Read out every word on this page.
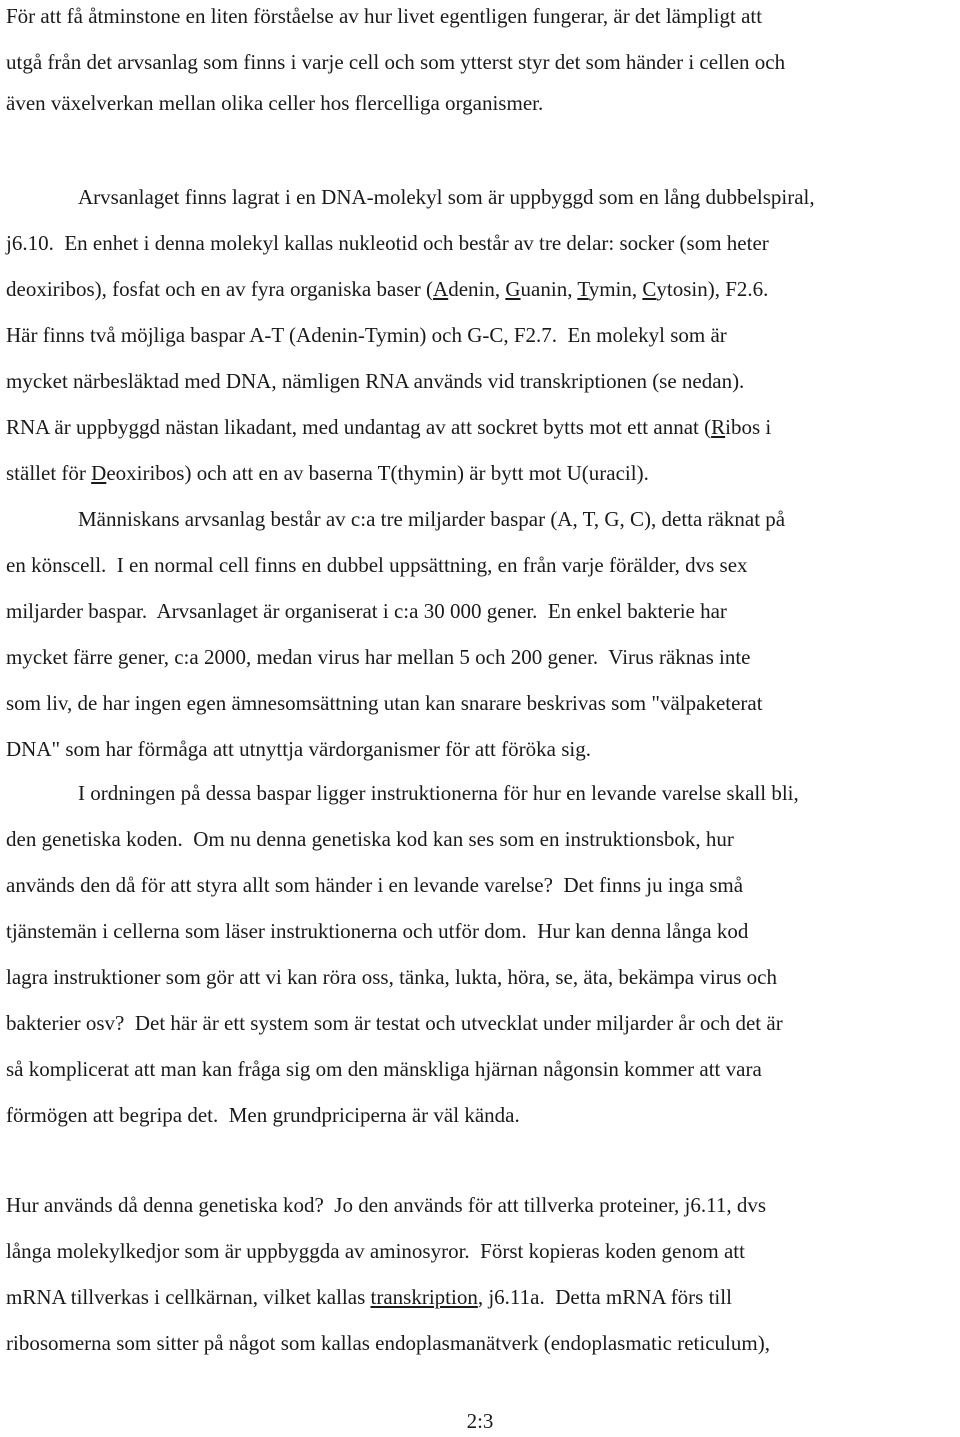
För att få åtminstone en liten förståelse av hur livet egentligen fungerar, är det lämpligt att
utgå från det arvsanlag som finns i varje cell och som ytterst styr det som händer i cellen och
även växelverkan mellan olika celler hos flercelliga organismer.
Arvsanlaget finns lagrat i en DNA-molekyl som är uppbyggd som en lång dubbelspiral,
j6.10.  En enhet i denna molekyl kallas nukleotid och består av tre delar: socker (som heter
deoxiribos), fosfat och en av fyra organiska baser (Adenin, Guanin, Tymin, Cytosin), F2.6.
Här finns två möjliga baspar A-T (Adenin-Tymin) och G-C, F2.7.  En molekyl som är
mycket närbesläktad med DNA, nämligen RNA används vid transkriptionen (se nedan).
RNA är uppbyggd nästan likadant, med undantag av att sockret bytts mot ett annat (Ribos i
stället för Deoxiribos) och att en av baserna T(thymin) är bytt mot U(uracil).
Människans arvsanlag består av c:a tre miljarder baspar (A, T, G, C), detta räknat på
en könscell.  I en normal cell finns en dubbel uppsättning, en från varje förälder, dvs sex
miljarder baspar.  Arvsanlaget är organiserat i c:a 30 000 gener.  En enkel bakterie har
mycket färre gener, c:a 2000, medan virus har mellan 5 och 200 gener.  Virus räknas inte
som liv, de har ingen egen ämnesomsättning utan kan snarare beskrivas som "välpaketerat
DNA" som har förmåga att utnyttja värdorganismer för att föröka sig.
I ordningen på dessa baspar ligger instruktionerna för hur en levande varelse skall bli,
den genetiska koden.  Om nu denna genetiska kod kan ses som en instruktionsbok, hur
används den då för att styra allt som händer i en levande varelse?  Det finns ju inga små
tjänstemän i cellerna som läser instruktionerna och utför dom.  Hur kan denna långa kod
lagra instruktioner som gör att vi kan röra oss, tänka, lukta, höra, se, äta, bekämpa virus och
bakterier osv?  Det här är ett system som är testat och utvecklat under miljarder år och det är
så komplicerat att man kan fråga sig om den mänskliga hjärnan någonsin kommer att vara
förmögen att begripa det.  Men grundpriciperna är väl kända.
Hur används då denna genetiska kod?  Jo den används för att tillverka proteiner, j6.11, dvs
långa molekylkedjor som är uppbyggda av aminosyror.  Först kopieras koden genom att
mRNA tillverkas i cellkärnan, vilket kallas transkription, j6.11a.  Detta mRNA förs till
ribosomerna som sitter på något som kallas endoplasmanätverk (endoplasmatic reticulum),
2:3
